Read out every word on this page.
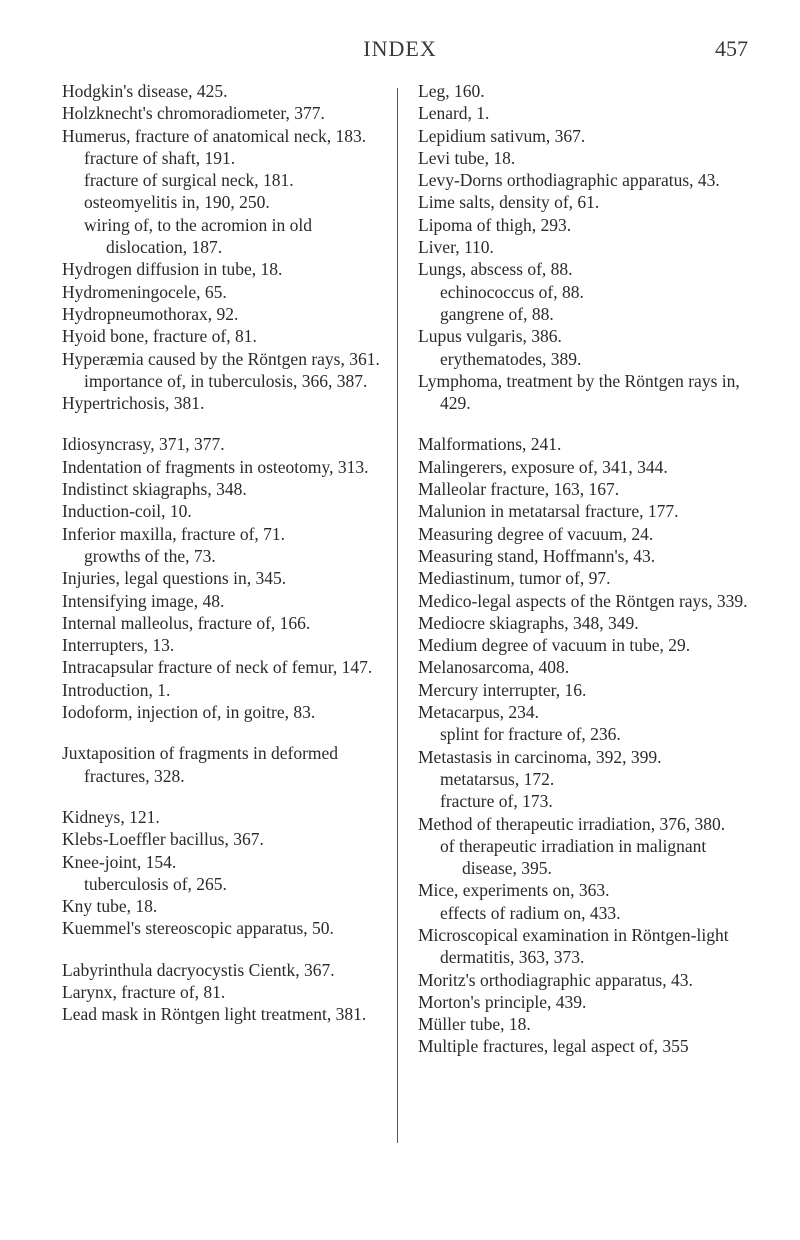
INDEX	457

Hodgkin's disease, 425.

Holzknecht's chromoradiometer, 377.

Humerus, fracture of anatomical neck, 183.

fracture of shaft, 191.

fracture of surgical neck, 181.

osteomyelitis in, 190, 250.

wiring of, to the acromion in old dislocation, 187.

Hydrogen diffusion in tube, 18.

Hydromeningocele, 65.

Hydropneumothorax, 92.

Hyoid bone, fracture of, 81.

Hyperæmia caused by the Röntgen rays, 361.

importance of, in tuberculosis, 366, 387.

Hypertrichosis, 381.

Idiosyncrasy, 371, 377.

Indentation of fragments in osteotomy, 313.

Indistinct skiagraphs, 348.

Induction-coil, 10.

Inferior maxilla, fracture of, 71.

growths of the, 73.

Injuries, legal questions in, 345.

Intensifying image, 48.

Internal malleolus, fracture of, 166.

Interrupters, 13.

Intracapsular fracture of neck of femur, 147.

Introduction, 1.

Iodoform, injection of, in goitre, 83.

Juxtaposition of fragments in deformed fractures, 328.

Kidneys, 121.

Klebs-Loeffler bacillus, 367.

Knee-joint, 154.

tuberculosis of, 265.

Kny tube, 18.

Kuemmel's stereoscopic apparatus, 50.

Labyrinthula dacryocystis Cientk, 367.

Larynx, fracture of, 81.

Lead mask in Röntgen light treatment, 381.

Leg, 160.

Lenard, 1.

Lepidium sativum, 367.

Levi tube, 18.

Levy-Dorns orthodiagraphic apparatus, 43.

Lime salts, density of, 61.

Lipoma of thigh, 293.

Liver, 110.

Lungs, abscess of, 88.

echinococcus of, 88.

gangrene of, 88.

Lupus vulgaris, 386.

erythematodes, 389.

Lymphoma, treatment by the Röntgen rays in, 429.

Malformations, 241.

Malingerers, exposure of, 341, 344.

Malleolar fracture, 163, 167.

Malunion in metatarsal fracture, 177.

Measuring degree of vacuum, 24.

Measuring stand, Hoffmann's, 43.

Mediastinum, tumor of, 97.

Medico-legal aspects of the Röntgen rays, 339.

Mediocre skiagraphs, 348, 349.

Medium degree of vacuum in tube, 29.

Melanosarcoma, 408.

Mercury interrupter, 16.

Metacarpus, 234.

splint for fracture of, 236.

Metastasis in carcinoma, 392, 399.

metatarsus, 172.

fracture of, 173.

Method of therapeutic irradiation, 376, 380.

of therapeutic irradiation in malignant disease, 395.

Mice, experiments on, 363.

effects of radium on, 433.

Microscopical examination in Röntgen-light dermatitis, 363, 373.

Moritz's orthodiagraphic apparatus, 43.

Morton's principle, 439.

Müller tube, 18.

Multiple fractures, legal aspect of, 355
